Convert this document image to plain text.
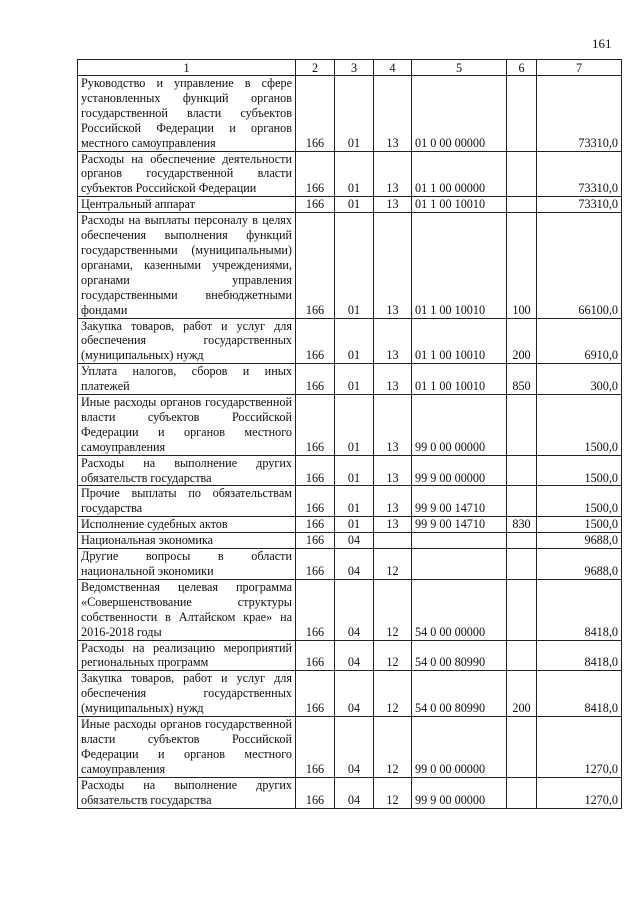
161
1	2	3	4	5	6	7
Руководство и управление в сфере установленных функций органов государственной власти субъектов Российской Федерации и органов местного самоуправления	166	01	13	01 0 00 00000		73310,0
Расходы на обеспечение деятельности органов государственной власти субъектов Российской Федерации	166	01	13	01 1 00 00000		73310,0
Центральный аппарат	166	01	13	01 1 00 10010		73310,0
Расходы на выплаты персоналу в целях обеспечения выполнения функций государственными (муниципальными) органами, казенными учреждениями, органами управления государственными внебюджетными фондами	166	01	13	01 1 00 10010	100	66100,0
Закупка товаров, работ и услуг для обеспечения государственных (муниципальных) нужд	166	01	13	01 1 00 10010	200	6910,0
Уплата налогов, сборов и иных платежей	166	01	13	01 1 00 10010	850	300,0
Иные расходы органов государственной власти субъектов Российской Федерации и органов местного самоуправления	166	01	13	99 0 00 00000		1500,0
Расходы на выполнение других обязательств государства	166	01	13	99 9 00 00000		1500,0
Прочие выплаты по обязательствам государства	166	01	13	99 9 00 14710		1500,0
Исполнение судебных актов	166	01	13	99 9 00 14710	830	1500,0
Национальная экономика	166	04				9688,0
Другие вопросы в области национальной экономики	166	04	12			9688,0
Ведомственная целевая программа «Совершенствование структуры собственности в Алтайском крае» на 2016-2018 годы	166	04	12	54 0 00 00000		8418,0
Расходы на реализацию мероприятий региональных программ	166	04	12	54 0 00 80990		8418,0
Закупка товаров, работ и услуг для обеспечения государственных (муниципальных) нужд	166	04	12	54 0 00 80990	200	8418,0
Иные расходы органов государственной власти субъектов Российской Федерации и органов местного самоуправления	166	04	12	99 0 00 00000		1270,0
Расходы на выполнение других обязательств государства	166	04	12	99 9 00 00000		1270,0
